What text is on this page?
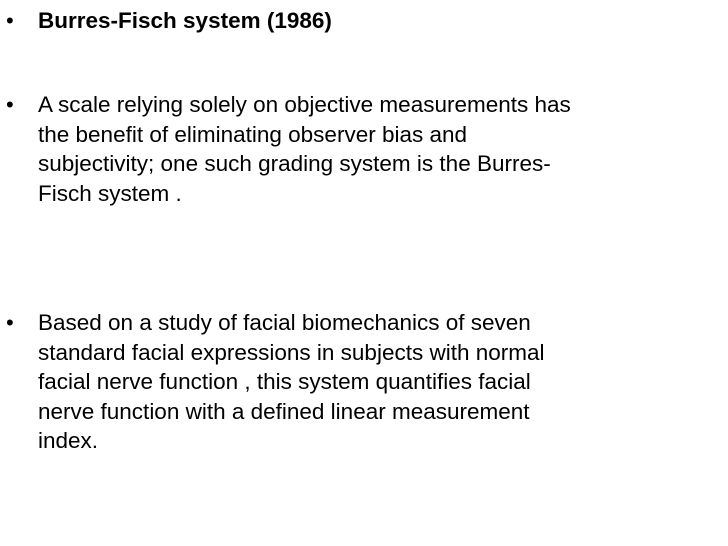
•	Burres-Fisch system (1986)
•	A scale relying solely on objective measurements has
the benefit of eliminating observer bias and
subjectivity; one such grading system is the Burres-
Fisch system .
•	Based on a study of facial biomechanics of seven
standard facial expressions in subjects with normal
facial nerve function , this system quantifies facial
nerve function with a defined linear measurement
index.
